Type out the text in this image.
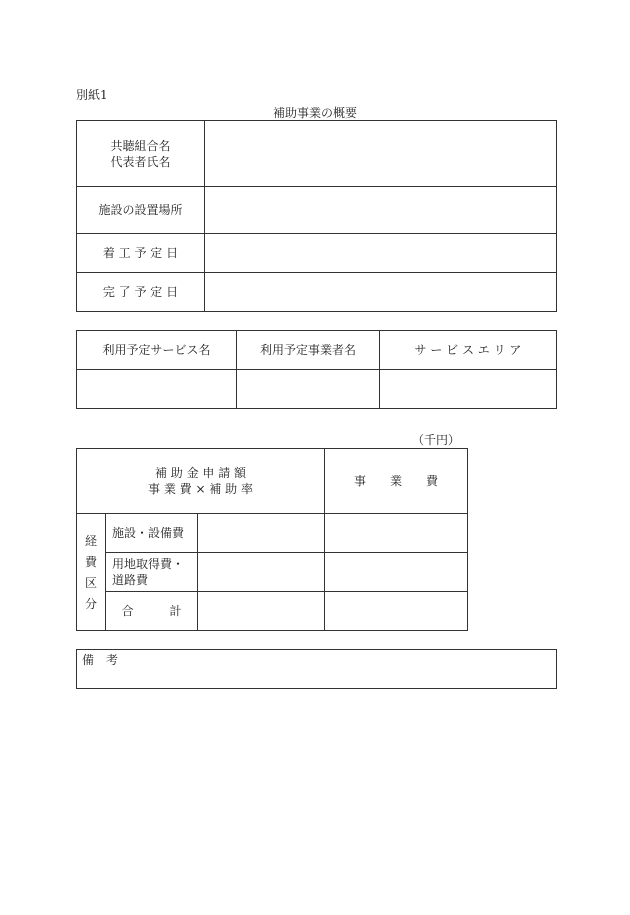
別紙1
補助事業の概要
共聴組合名
代表者氏名
施設の設置場所
着 工 予 定 日
完 了 予 定 日
利用予定サービス名	利用予定事業者名	サ ー ビ ス エ リ ア
（千円）
補 助 金 申 請 額
事 業 費 × 補 助 率
事　　業　　費
経
費
区
分
施設・設備費
用地取得費・道路費
合　　　計
備　考
